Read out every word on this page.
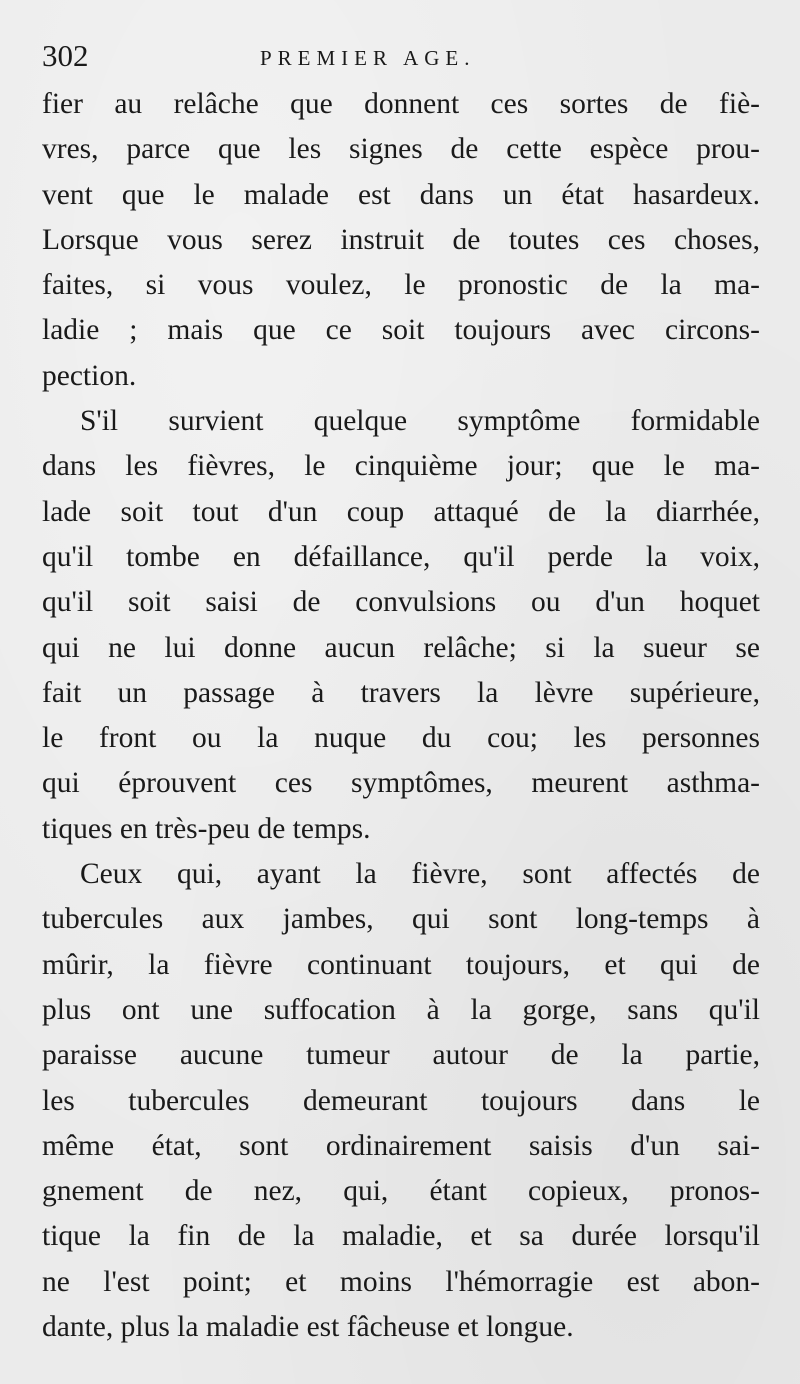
302	PREMIER AGE.
fier au relâche que donnent ces sortes de fiè-
vres, parce que les signes de cette espèce prou-
vent que le malade est dans un état hasardeux.
Lorsque vous serez instruit de toutes ces choses,
faites, si vous voulez, le pronostic de la ma-
ladie ; mais que ce soit toujours avec circons-
pection.
S'il survient quelque symptôme formidable
dans les fièvres, le cinquième jour; que le ma-
lade soit tout d'un coup attaqué de la diarrhée,
qu'il tombe en défaillance, qu'il perde la voix,
qu'il soit saisi de convulsions ou d'un hoquet
qui ne lui donne aucun relâche; si la sueur se
fait un passage à travers la lèvre supérieure,
le front ou la nuque du cou; les personnes
qui éprouvent ces symptômes, meurent asthma-
tiques en très-peu de temps.
Ceux qui, ayant la fièvre, sont affectés de
tubercules aux jambes, qui sont long-temps à
mûrir, la fièvre continuant toujours, et qui de
plus ont une suffocation à la gorge, sans qu'il
paraisse aucune tumeur autour de la partie,
les tubercules demeurant toujours dans le
même état, sont ordinairement saisis d'un sai-
gnement de nez, qui, étant copieux, pronos-
tique la fin de la maladie, et sa durée lorsqu'il
ne l'est point; et moins l'hémorragie est abon-
dante, plus la maladie est fâcheuse et longue.
